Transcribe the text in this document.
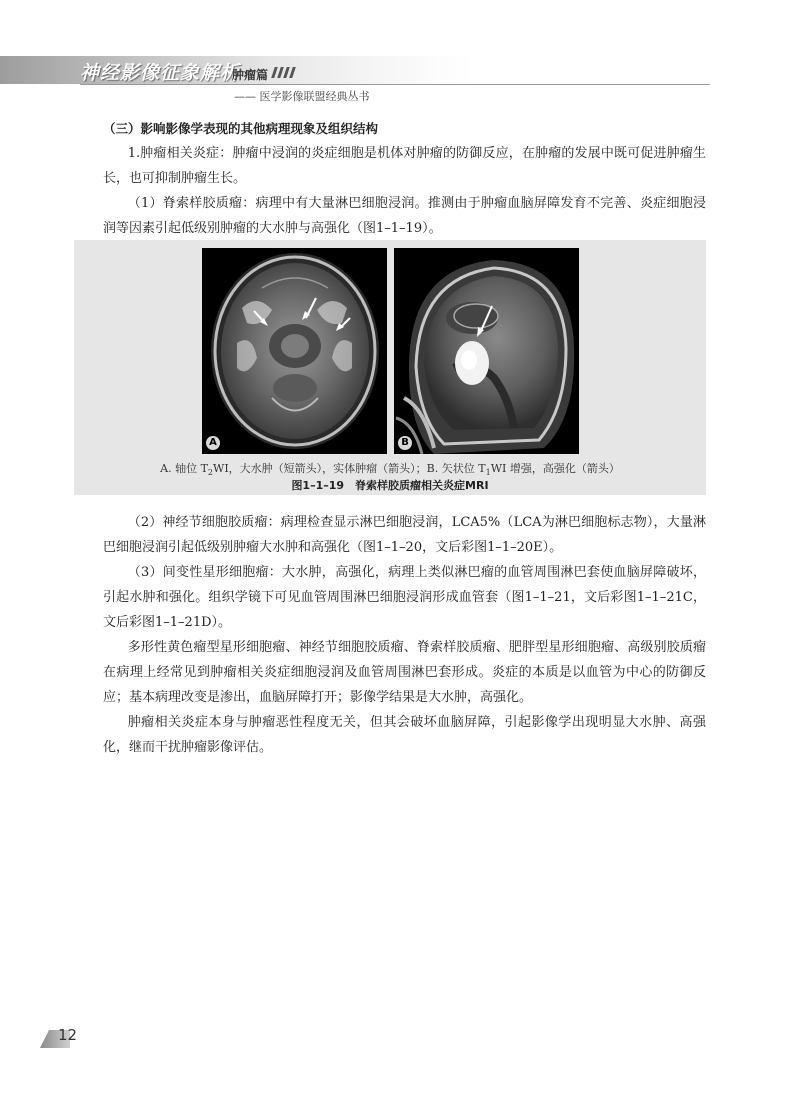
神经影像征象解析
肿瘤篇
—— 医学影像联盟经典丛书
（三）影响影像学表现的其他病理现象及组织结构

1.肿瘤相关炎症：肿瘤中浸润的炎症细胞是机体对肿瘤的防御反应，在肿瘤的发展中既可促进肿瘤生长，也可抑制肿瘤生长。

（1）脊索样胶质瘤：病理中有大量淋巴细胞浸润。推测由于肿瘤血脑屏障发育不完善、炎症细胞浸润等因素引起低级别肿瘤的大水肿与高强化（图1–1–19）。

A	B
A. 轴位 $T_2WI$，大水肿（短箭头），实体肿瘤（箭头）；B. 矢状位 $T_1WI$ 增强，高强化（箭头）
图1–1–19　脊索样胶质瘤相关炎症MRI

（2）神经节细胞胶质瘤：病理检查显示淋巴细胞浸润，LCA5%（LCA为淋巴细胞标志物），大量淋巴细胞浸润引起低级别肿瘤大水肿和高强化（图1–1–20，文后彩图1–1–20E）。

（3）间变性星形细胞瘤：大水肿，高强化，病理上类似淋巴瘤的血管周围淋巴套使血脑屏障破坏，引起水肿和强化。组织学镜下可见血管周围淋巴细胞浸润形成血管套（图1–1–21，文后彩图1–1–21C，文后彩图1–1–21D）。

多形性黄色瘤型星形细胞瘤、神经节细胞胶质瘤、脊索样胶质瘤、肥胖型星形细胞瘤、高级别胶质瘤在病理上经常见到肿瘤相关炎症细胞浸润及血管周围淋巴套形成。炎症的本质是以血管为中心的防御反应；基本病理改变是渗出，血脑屏障打开；影像学结果是大水肿，高强化。

肿瘤相关炎症本身与肿瘤恶性程度无关，但其会破坏血脑屏障，引起影像学出现明显大水肿、高强化，继而干扰肿瘤影像评估。

12
